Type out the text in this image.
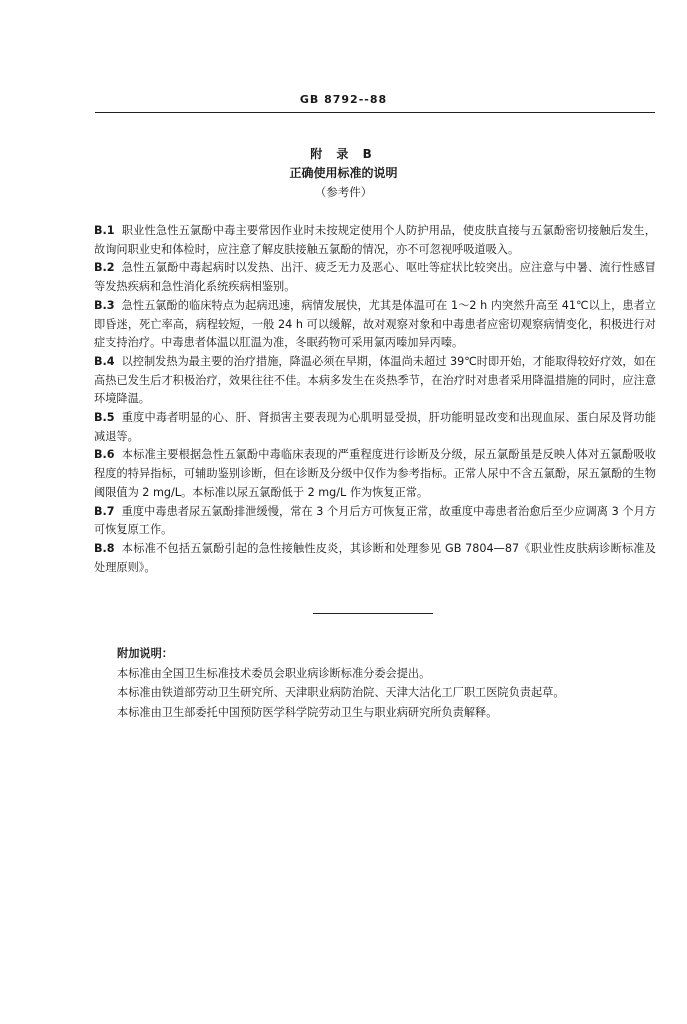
GB 8792--88
附 录 B
正确使用标准的说明
（参考件）

B.1 职业性急性五氯酚中毒主要常因作业时未按规定使用个人防护用品，使皮肤直接与五氯酚密切接触后发生，故询问职业史和体检时，应注意了解皮肤接触五氯酚的情况，亦不可忽视呼吸道吸入。

B.2 急性五氯酚中毒起病时以发热、出汗、疲乏无力及恶心、呕吐等症状比较突出。应注意与中暑、流行性感冒等发热疾病和急性消化系统疾病相鉴别。

B.3 急性五氯酚的临床特点为起病迅速，病情发展快，尤其是体温可在 1～2 h 内突然升高至 41℃以上，患者立即昏迷，死亡率高，病程较短，一般 24 h 可以缓解，故对观察对象和中毒患者应密切观察病情变化，积极进行对症支持治疗。中毒患者体温以肛温为准，冬眠药物可采用氯丙嗪加异丙嗪。

B.4 以控制发热为最主要的治疗措施，降温必须在早期，体温尚未超过 39℃时即开始，才能取得较好疗效，如在高热已发生后才积极治疗，效果往往不佳。本病多发生在炎热季节，在治疗时对患者采用降温措施的同时，应注意环境降温。

B.5 重度中毒者明显的心、肝、肾损害主要表现为心肌明显受损，肝功能明显改变和出现血尿、蛋白尿及肾功能减退等。

B.6 本标准主要根据急性五氯酚中毒临床表现的严重程度进行诊断及分级，尿五氯酚虽是反映人体对五氯酚吸收程度的特异指标，可辅助鉴别诊断，但在诊断及分级中仅作为参考指标。正常人尿中不含五氯酚，尿五氯酚的生物阈限值为 2 mg/L。本标准以尿五氯酚低于 2 mg/L 作为恢复正常。

B.7 重度中毒患者尿五氯酚排泄缓慢，常在 3 个月后方可恢复正常，故重度中毒患者治愈后至少应调离 3 个月方可恢复原工作。

B.8 本标准不包括五氯酚引起的急性接触性皮炎，其诊断和处理参见 GB 7804—87《职业性皮肤病诊断标准及处理原则》。

附加说明：

本标准由全国卫生标准技术委员会职业病诊断标准分委会提出。

本标准由铁道部劳动卫生研究所、天津职业病防治院、天津大沽化工厂职工医院负责起草。

本标准由卫生部委托中国预防医学科学院劳动卫生与职业病研究所负责解释。
